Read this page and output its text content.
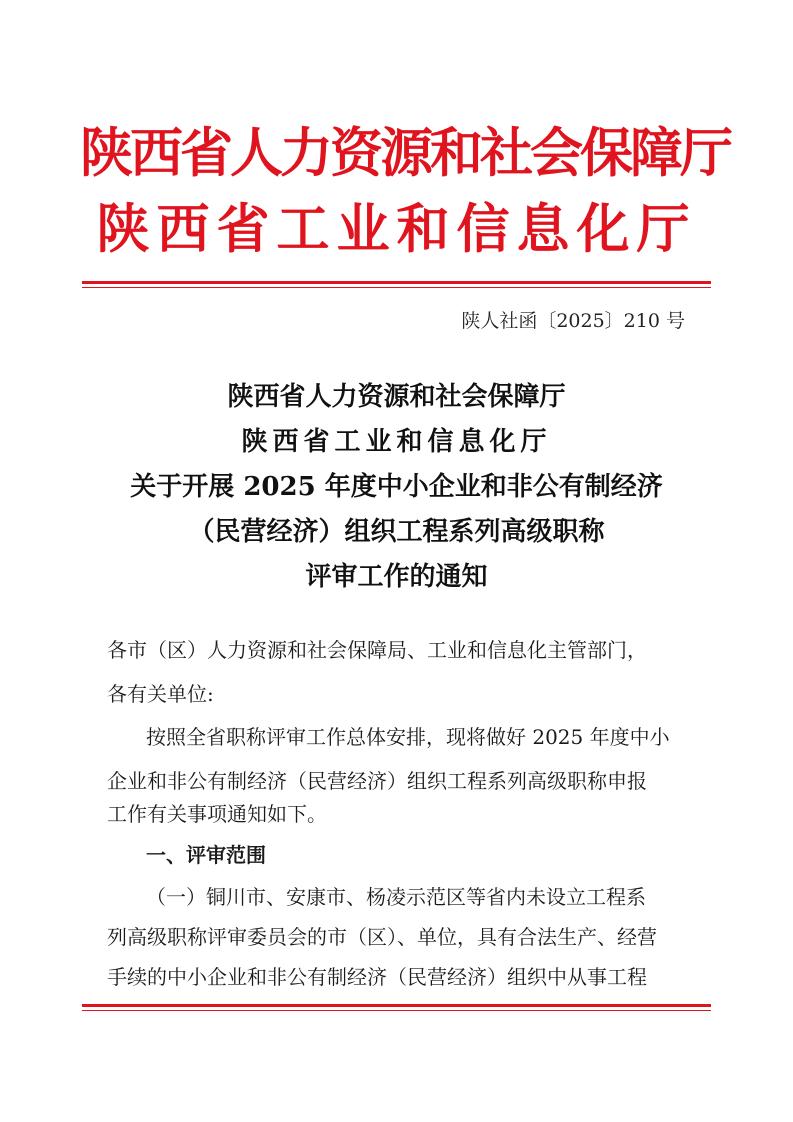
陕西省人力资源和社会保障厅
陕西省工业和信息化厅
陕人社函〔2025〕210 号
陕西省人力资源和社会保障厅
陕西省工业和信息化厅
关于开展 2025 年度中小企业和非公有制经济
（民营经济）组织工程系列高级职称
评审工作的通知
各市（区）人力资源和社会保障局、工业和信息化主管部门，
各有关单位:
按照全省职称评审工作总体安排，现将做好 2025 年度中小
企业和非公有制经济（民营经济）组织工程系列高级职称申报
工作有关事项通知如下。
一、评审范围
（一）铜川市、安康市、杨凌示范区等省内未设立工程系
列高级职称评审委员会的市（区）、单位，具有合法生产、经营
手续的中小企业和非公有制经济（民营经济）组织中从事工程
